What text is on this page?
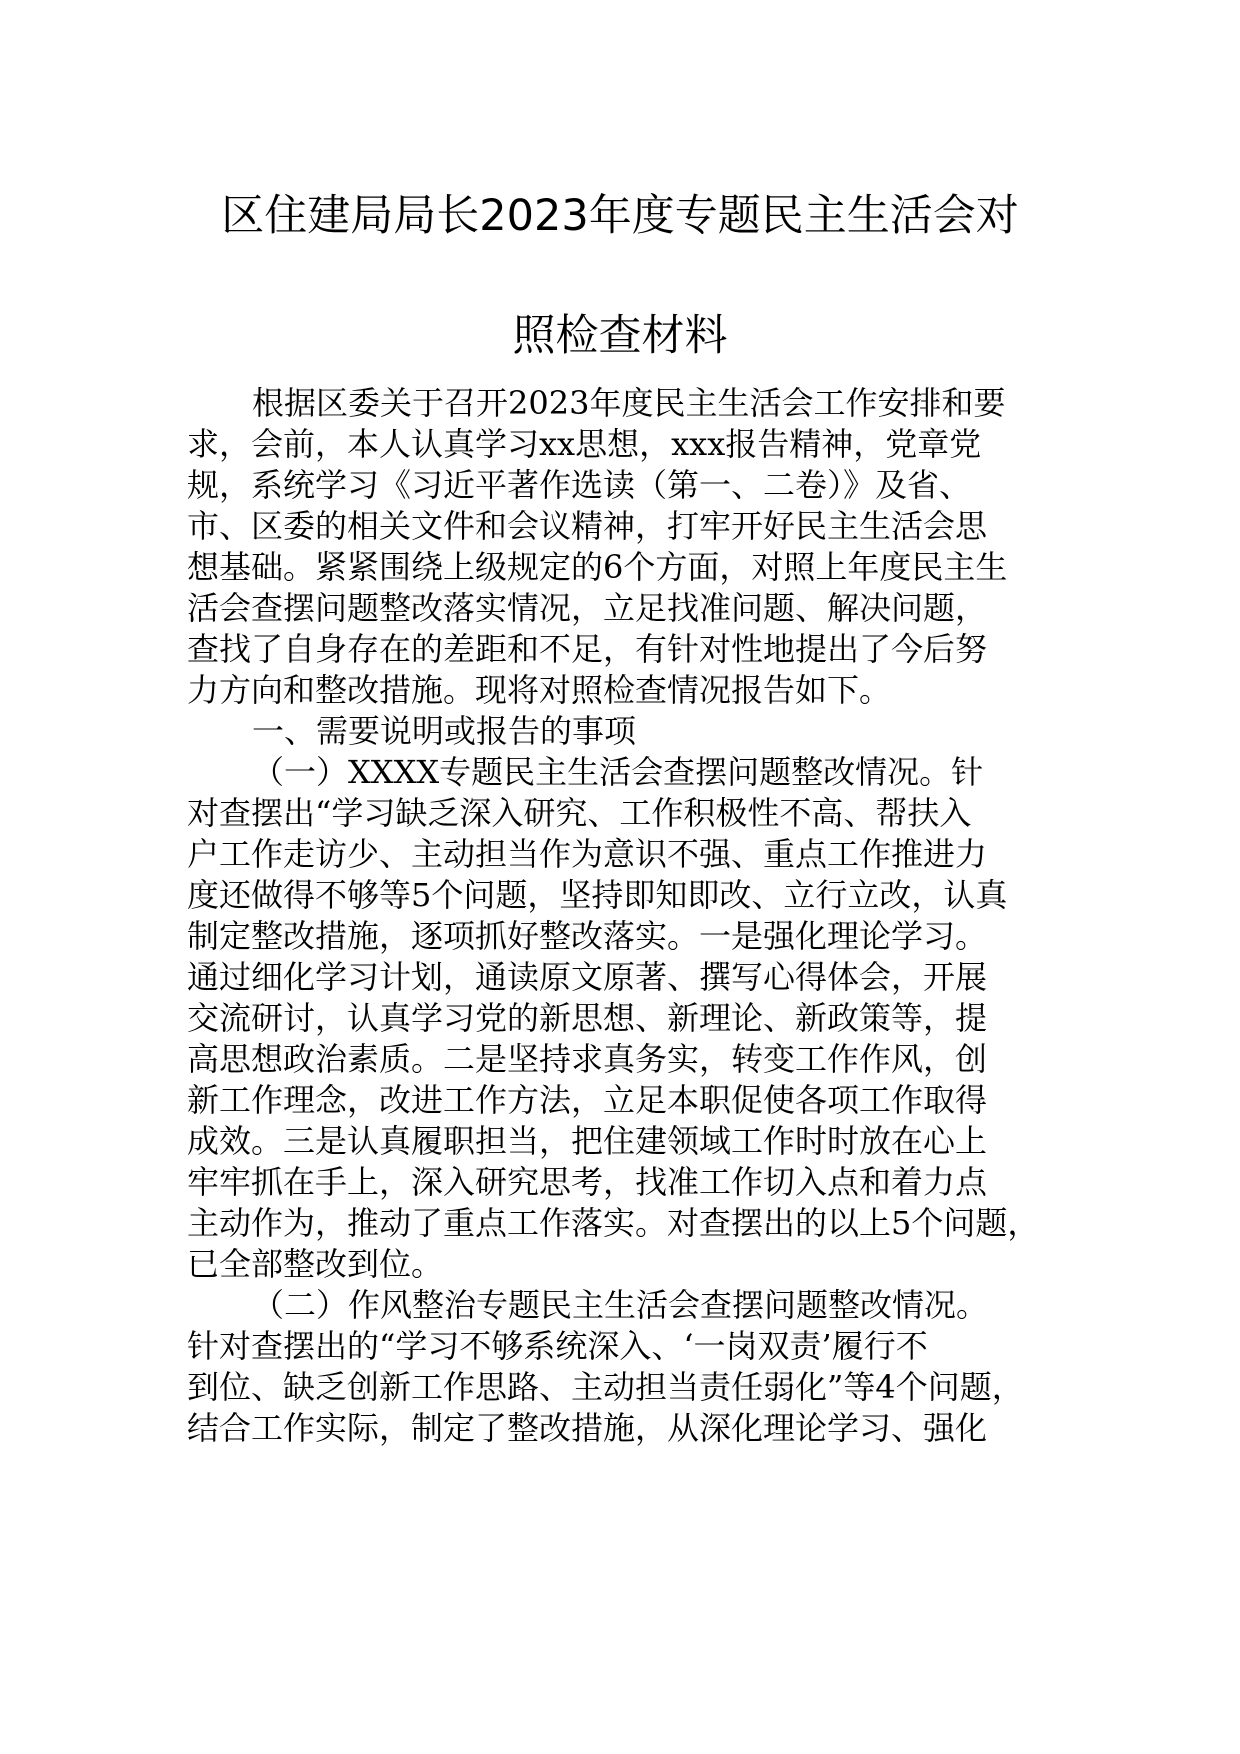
区住建局局长2023年度专题民主生活会对
照检查材料
根据区委关于召开2023年度民主生活会工作安排和要
求，会前，本人认真学习xx思想，xxx报告精神，党章党
规，系统学习《习近平著作选读（第一、二卷）》及省、
市、区委的相关文件和会议精神，打牢开好民主生活会思
想基础。紧紧围绕上级规定的6个方面，对照上年度民主生
活会查摆问题整改落实情况，立足找准问题、解决问题，
查找了自身存在的差距和不足，有针对性地提出了今后努
力方向和整改措施。现将对照检查情况报告如下。
一、需要说明或报告的事项
（一）XXXX专题民主生活会查摆问题整改情况。针
对查摆出“学习缺乏深入研究、工作积极性不高、帮扶入
户工作走访少、主动担当作为意识不强、重点工作推进力
度还做得不够等5个问题，坚持即知即改、立行立改，认真
制定整改措施，逐项抓好整改落实。一是强化理论学习。
通过细化学习计划，通读原文原著、撰写心得体会，开展
交流研讨，认真学习党的新思想、新理论、新政策等，提
高思想政治素质。二是坚持求真务实，转变工作作风，创
新工作理念，改进工作方法，立足本职促使各项工作取得
成效。三是认真履职担当，把住建领域工作时时放在心上
牢牢抓在手上，深入研究思考，找准工作切入点和着力点
主动作为，推动了重点工作落实。对查摆出的以上5个问题，
已全部整改到位。
（二）作风整治专题民主生活会查摆问题整改情况。
针对查摆出的“学习不够系统深入、‘一岗双责’履行不
到位、缺乏创新工作思路、主动担当责任弱化”等4个问题，
结合工作实际，制定了整改措施，从深化理论学习、强化
